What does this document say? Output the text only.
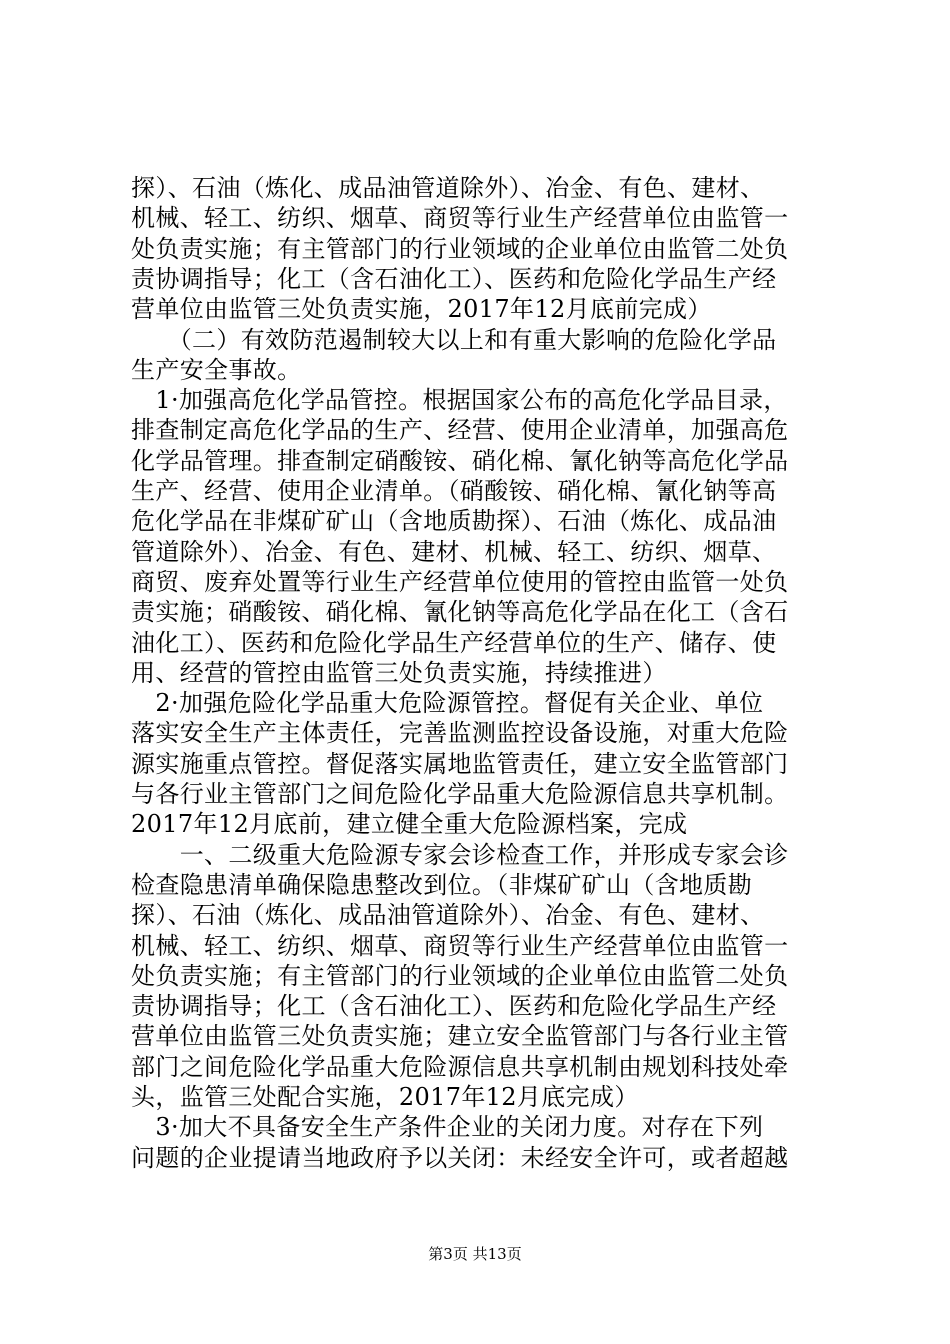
探）、石油（炼化、成品油管道除外）、冶金、有色、建材、
机械、轻工、纺织、烟草、商贸等行业生产经营单位由监管一
处负责实施；有主管部门的行业领域的企业单位由监管二处负
责协调指导；化工（含石油化工）、医药和危险化学品生产经
营单位由监管三处负责实施，2017年12月底前完成）
　　（二）有效防范遏制较大以上和有重大影响的危险化学品
生产安全事故。
　1·加强高危化学品管控。根据国家公布的高危化学品目录，
排查制定高危化学品的生产、经营、使用企业清单，加强高危
化学品管理。排查制定硝酸铵、硝化棉、氰化钠等高危化学品
生产、经营、使用企业清单。（硝酸铵、硝化棉、氰化钠等高
危化学品在非煤矿矿山（含地质勘探）、石油（炼化、成品油
管道除外）、冶金、有色、建材、机械、轻工、纺织、烟草、
商贸、废弃处置等行业生产经营单位使用的管控由监管一处负
责实施；硝酸铵、硝化棉、氰化钠等高危化学品在化工（含石
油化工）、医药和危险化学品生产经营单位的生产、储存、使
用、经营的管控由监管三处负责实施，持续推进）
　2·加强危险化学品重大危险源管控。督促有关企业、单位
落实安全生产主体责任，完善监测监控设备设施，对重大危险
源实施重点管控。督促落实属地监管责任，建立安全监管部门
与各行业主管部门之间危险化学品重大危险源信息共享机制。
2017年12月底前，建立健全重大危险源档案，完成
　　一、二级重大危险源专家会诊检查工作，并形成专家会诊
检查隐患清单确保隐患整改到位。（非煤矿矿山（含地质勘
探）、石油（炼化、成品油管道除外）、冶金、有色、建材、
机械、轻工、纺织、烟草、商贸等行业生产经营单位由监管一
处负责实施；有主管部门的行业领域的企业单位由监管二处负
责协调指导；化工（含石油化工）、医药和危险化学品生产经
营单位由监管三处负责实施；建立安全监管部门与各行业主管
部门之间危险化学品重大危险源信息共享机制由规划科技处牵
头，监管三处配合实施，2017年12月底完成）
　3·加大不具备安全生产条件企业的关闭力度。对存在下列
问题的企业提请当地政府予以关闭：未经安全许可，或者超越
第3页 共13页
